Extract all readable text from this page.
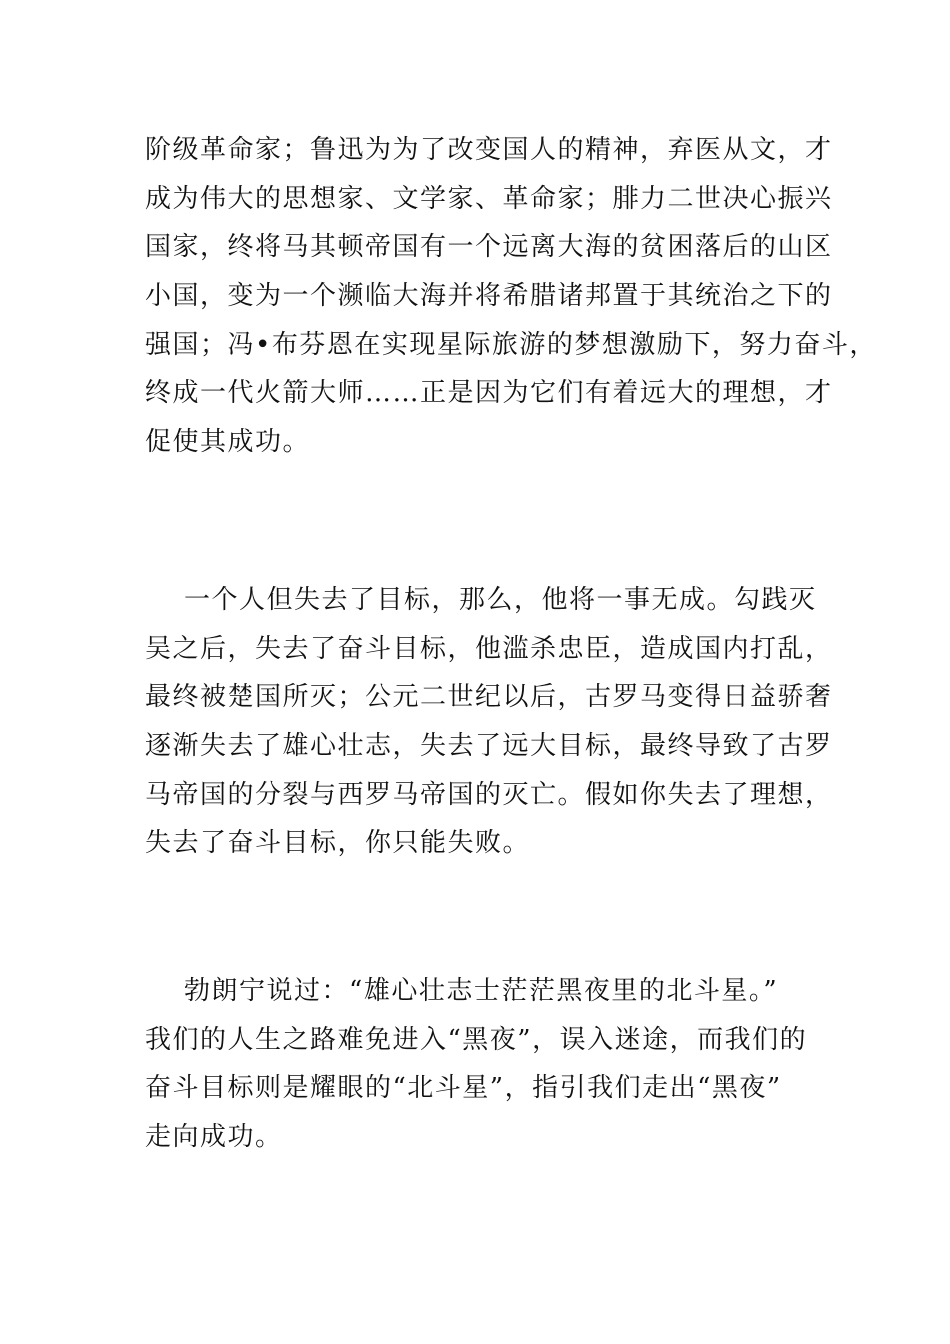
阶级革命家；鲁迅为为了改变国人的精神，弃医从文，才
成为伟大的思想家、文学家、革命家；腓力二世决心振兴
国家，终将马其顿帝国有一个远离大海的贫困落后的山区
小国，变为一个濒临大海并将希腊诸邦置于其统治之下的
强国；冯•布芬恩在实现星际旅游的梦想激励下，努力奋斗，
终成一代火箭大师……正是因为它们有着远大的理想，才
促使其成功。
一个人但失去了目标，那么，他将一事无成。勾践灭
吴之后，失去了奋斗目标，他滥杀忠臣，造成国内打乱，
最终被楚国所灭；公元二世纪以后，古罗马变得日益骄奢
逐渐失去了雄心壮志，失去了远大目标，最终导致了古罗
马帝国的分裂与西罗马帝国的灭亡。假如你失去了理想，
失去了奋斗目标，你只能失败。
勃朗宁说过：“雄心壮志士茫茫黑夜里的北斗星。”
我们的人生之路难免进入“黑夜”，误入迷途，而我们的
奋斗目标则是耀眼的“北斗星”，指引我们走出“黑夜”
走向成功。
